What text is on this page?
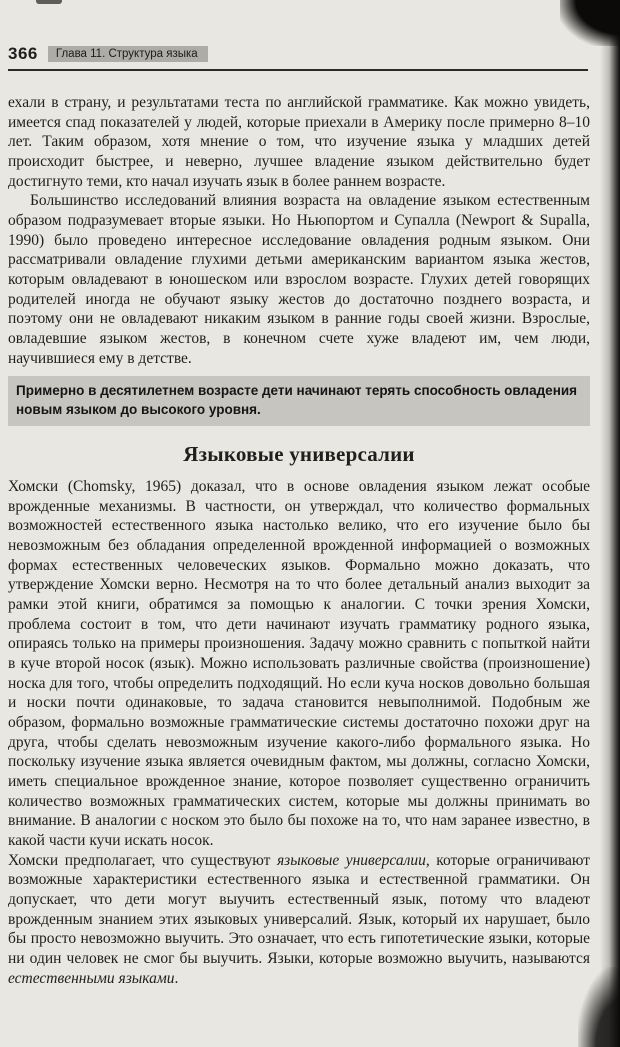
366	Глава 11. Структура языка

ехали в страну, и результатами теста по английской грамматике. Как можно увидеть, имеется спад показателей у людей, которые приехали в Америку после примерно 8–10 лет. Таким образом, хотя мнение о том, что изучение языка у младших детей происходит быстрее, и неверно, лучшее владение языком действительно будет достигнуто теми, кто начал изучать язык в более раннем возрасте.

Большинство исследований влияния возраста на овладение языком естественным образом подразумевает вторые языки. Но Ньюпортом и Супалла (Newport & Supalla, 1990) было проведено интересное исследование овладения родным языком. Они рассматривали овладение глухими детьми американским вариантом языка жестов, которым овладевают в юношеском или взрослом возрасте. Глухих детей говорящих родителей иногда не обучают языку жестов до достаточно позднего возраста, и поэтому они не овладевают никаким языком в ранние годы своей жизни. Взрослые, овладевшие языком жестов, в конечном счете хуже владеют им, чем люди, научившиеся ему в детстве.

Примерно в десятилетнем возрасте дети начинают терять способность овладения новым языком до высокого уровня.
Языковые универсалии

Хомски (Chomsky, 1965) доказал, что в основе овладения языком лежат особые врожденные механизмы. В частности, он утверждал, что количество формальных возможностей естественного языка настолько велико, что его изучение было бы невозможным без обладания определенной врожденной информацией о возможных формах естественных человеческих языков. Формально можно доказать, что утверждение Хомски верно. Несмотря на то что более детальный анализ выходит за рамки этой книги, обратимся за помощью к аналогии. С точки зрения Хомски, проблема состоит в том, что дети начинают изучать грамматику родного языка, опираясь только на примеры произношения. Задачу можно сравнить с попыткой найти в куче второй носок (язык). Можно использовать различные свойства (произношение) носка для того, чтобы определить подходящий. Но если куча носков довольно большая и носки почти одинаковые, то задача становится невыполнимой. Подобным же образом, формально возможные грамматические системы достаточно похожи друг на друга, чтобы сделать невозможным изучение какого-либо формального языка. Но поскольку изучение языка является очевидным фактом, мы должны, согласно Хомски, иметь специальное врожденное знание, которое позволяет существенно ограничить количество возможных грамматических систем, которые мы должны принимать во внимание. В аналогии с носком это было бы похоже на то, что нам заранее известно, в какой части кучи искать носок.

Хомски предполагает, что существуют языковые универсалии, которые ограничивают возможные характеристики естественного языка и естественной грамматики. Он допускает, что дети могут выучить естественный язык, потому что владеют врожденным знанием этих языковых универсалий. Язык, который их нарушает, было бы просто невозможно выучить. Это означает, что есть гипотетические языки, которые ни один человек не смог бы выучить. Языки, которые возможно выучить, называются естественными языками.
